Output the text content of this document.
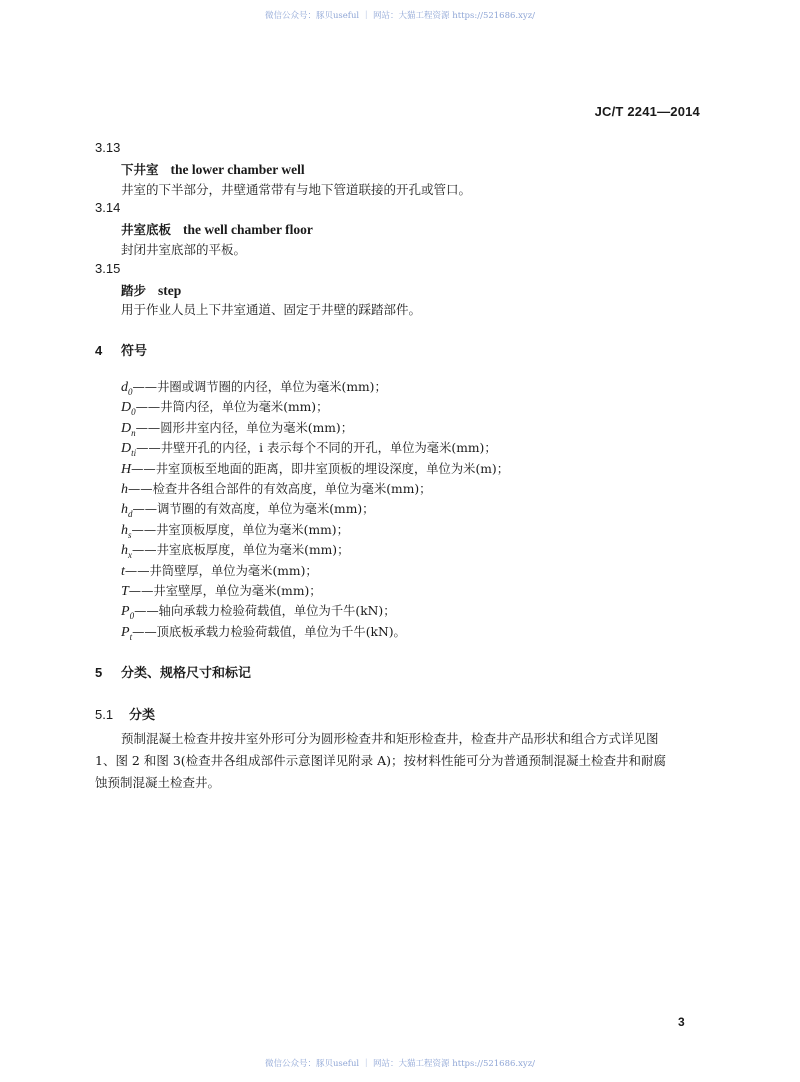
微信公众号：豚贝useful ｜ 网站：大猫工程资源 https://521686.xyz/
JC/T 2241—2014
3.13
下井室 the lower chamber well
井室的下半部分，井壁通常带有与地下管道联接的开孔或管口。
3.14
井室底板 the well chamber floor
封闭井室底部的平板。
3.15
踏步 step
用于作业人员上下井室通道、固定于井壁的踩踏部件。
4 符号
$d_0——$井圈或调节圈的内径，单位为毫米(mm)；
$D_0——$井筒内径，单位为毫米(mm)；
$D_n——$圆形井室内径，单位为毫米(mm)；
$D_{ti}——$井壁开孔的内径，i 表示每个不同的开孔，单位为毫米(mm)；
H——井室顶板至地面的距离，即井室顶板的埋设深度，单位为米(m)；
h——检查井各组合部件的有效高度，单位为毫米(mm)；
$h_d——$调节圈的有效高度，单位为毫米(mm)；
$h_s——$井室顶板厚度，单位为毫米(mm)；
$h_x——$井室底板厚度，单位为毫米(mm)；
t——井筒壁厚，单位为毫米(mm)；
T——井室壁厚，单位为毫米(mm)；
$P_0——$轴向承载力检验荷载值，单位为千牛(kN)；
$P_t——$顶底板承载力检验荷载值，单位为千牛(kN)。
5 分类、规格尺寸和标记
5.1 分类
预制混凝土检查井按井室外形可分为圆形检查井和矩形检查井，检查井产品形状和组合方式详见图
1、图 2 和图 3(检查井各组成部件示意图详见附录 A)；按材料性能可分为普通预制混凝土检查井和耐腐
蚀预制混凝土检查井。
3
微信公众号：豚贝useful ｜ 网站：大猫工程资源 https://521686.xyz/
